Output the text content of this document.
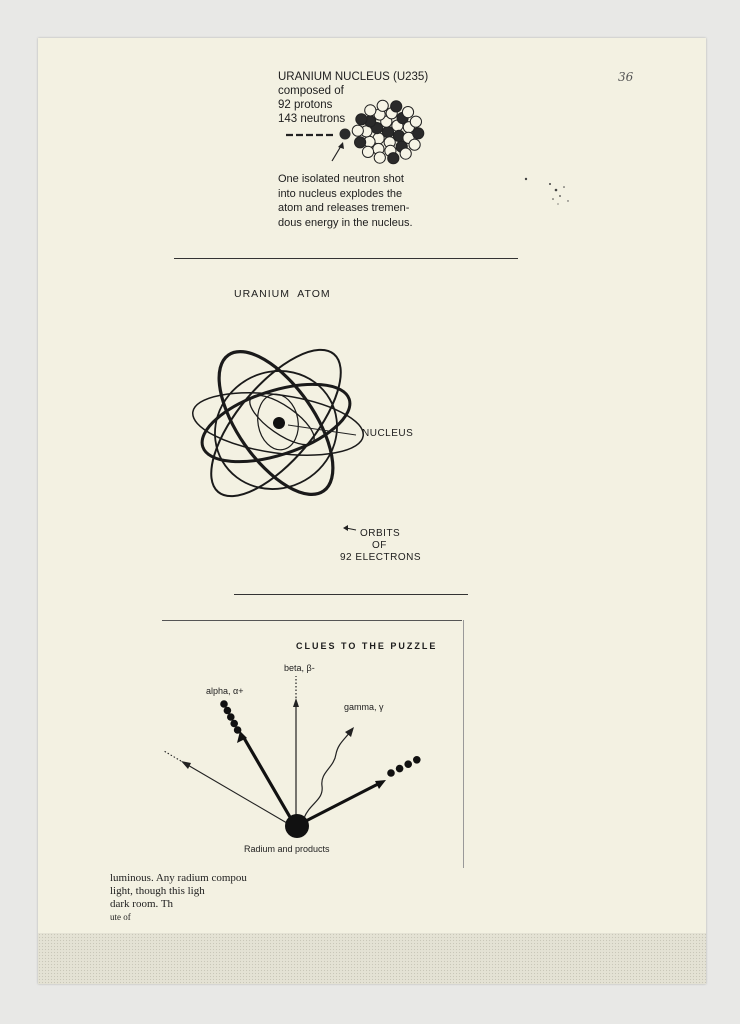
36
URANIUM NUCLEUS (U235)
composed of
92 protons
143 neutrons
One isolated neutron shot
into nucleus explodes the
atom and releases tremen-
dous energy in the nucleus.
URANIUM  ATOM
NUCLEUS
ORBITS
OF
92 ELECTRONS
CLUES TO THE PUZZLE
beta, β-
alpha, α+
gamma, γ
Radium and products
luminous. Any radium compou
light, though this ligh
dark room. Th
ute of
